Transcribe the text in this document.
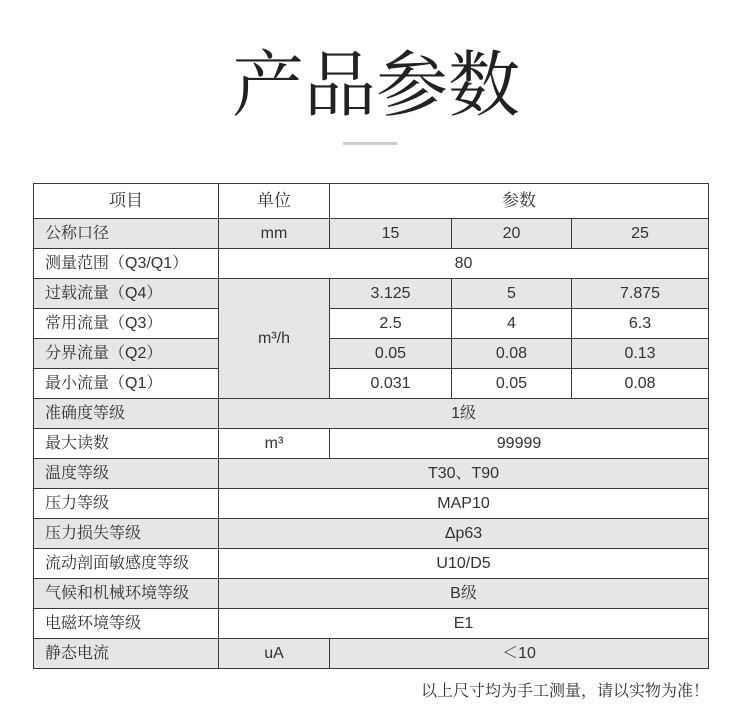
产品参数
项目	单位	参数		
公称口径	mm	15	20	25
测量范围（Q3/Q1）	80			
过载流量（Q4）	m³/h	3.125	5	7.875
常用流量（Q3）		2.5	4	6.3
分界流量（Q2）		0.05	0.08	0.13
最小流量（Q1）		0.031	0.05	0.08
准确度等级	1级			
最大读数	m³	99999		
温度等级	T30、T90			
压力等级	MAP10			
压力损失等级	Δp63			
流动剖面敏感度等级	U10/D5			
气候和机械环境等级	B级			
电磁环境等级	E1			
静态电流	uA	＜10		
以上尺寸均为手工测量，请以实物为准！
